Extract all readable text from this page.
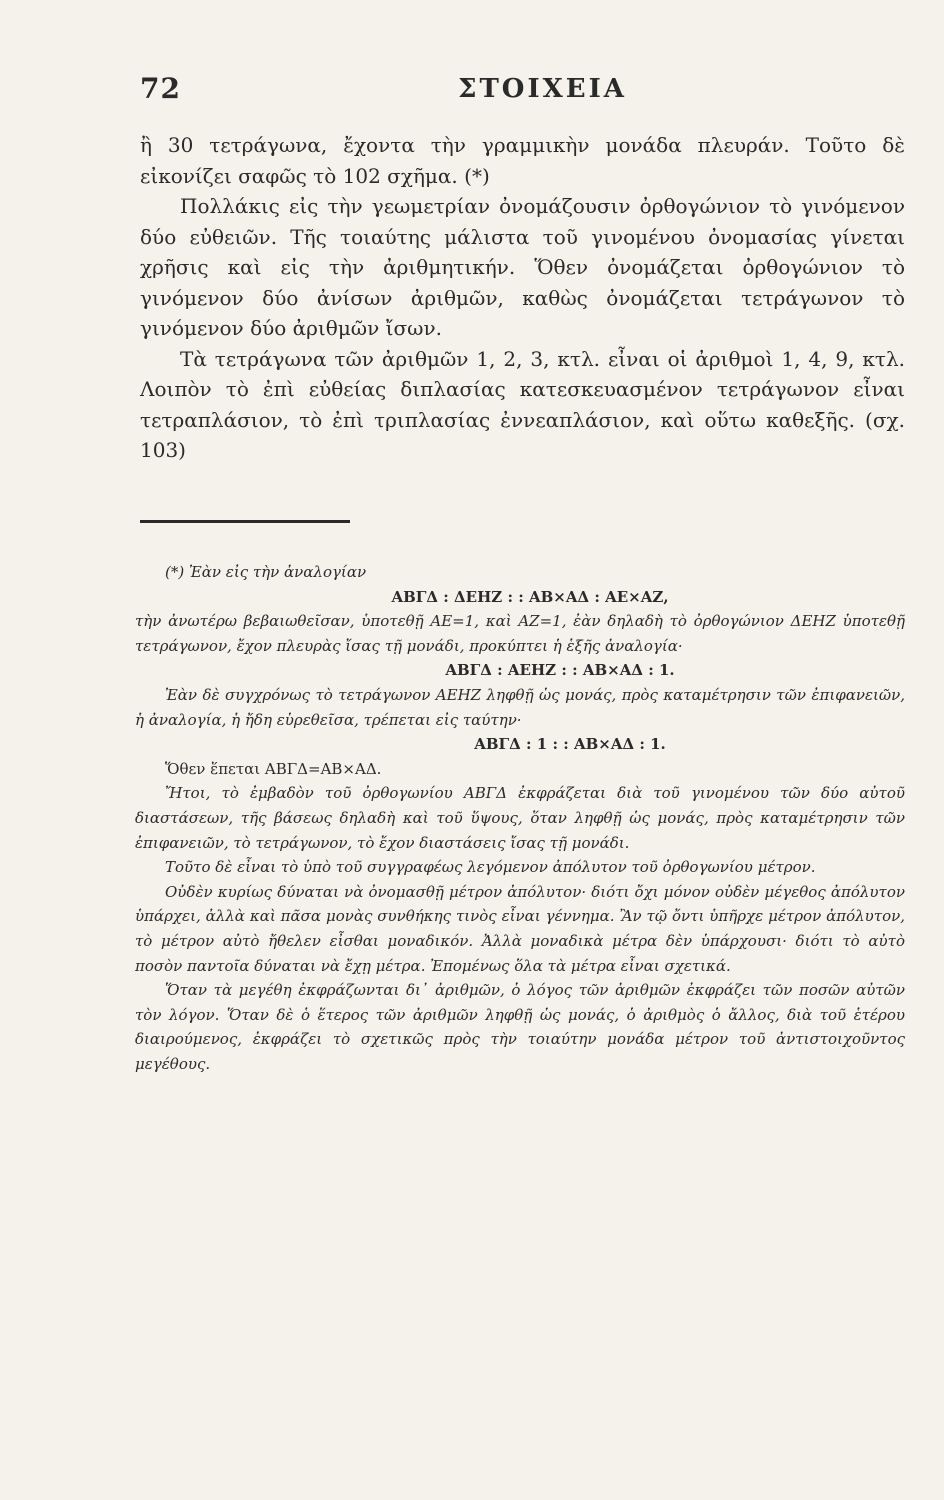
72	ΣΤΟΙΧΕΙΑ

ἢ 30 τετράγωνα, ἔχοντα τὴν γραμμικὴν μονάδα πλευράν. Τοῦτο δὲ εἰκονίζει σαφῶς τὸ 102 σχῆμα. (*)

Πολλάκις εἰς τὴν γεωμετρίαν ὀνομάζουσιν ὀρθογώνιον τὸ γινόμενον δύο εὐθειῶν. Τῆς τοιαύτης μάλιστα τοῦ γινομένου ὀνομασίας γίνεται χρῆσις καὶ εἰς τὴν ἀριθμητικήν. Ὅθεν ὀνομάζεται ὀρθογώνιον τὸ γινόμενον δύο ἀνίσων ἀριθμῶν, καθὼς ὀνομάζεται τετράγωνον τὸ γινόμενον δύο ἀριθμῶν ἴσων.

Τὰ τετράγωνα τῶν ἀριθμῶν 1, 2, 3, κτλ. εἶναι οἱ ἀριθμοὶ 1, 4, 9, κτλ. Λοιπὸν τὸ ἐπὶ εὐθείας διπλασίας κατεσκευασμένον τετράγωνον εἶναι τετραπλάσιον, τὸ ἐπὶ τριπλασίας ἐννεαπλάσιον, καὶ οὕτω καθεξῆς. (σχ. 103)

(*) Ἐὰν εἰς τὴν ἀναλογίαν

ΑΒΓΔ : ΔΕΗΖ : : ΑΒ×ΑΔ : ΑΕ×ΑΖ,

τὴν ἀνωτέρω βεβαιωθεῖσαν, ὑποτεθῇ ΑΕ=1, καὶ ΑΖ=1, ἐὰν δηλαδὴ τὸ ὀρθογώνιον ΔΕΗΖ ὑποτεθῇ τετράγωνον, ἔχον πλευρὰς ἴσας τῇ μονάδι, προκύπτει ἡ ἑξῆς ἀναλογία·

ΑΒΓΔ : ΑΕΗΖ : : ΑΒ×ΑΔ : 1.

Ἐὰν δὲ συγχρόνως τὸ τετράγωνον ΑΕΗΖ ληφθῇ ὡς μονάς, πρὸς καταμέτρησιν τῶν ἐπιφανειῶν, ἡ ἀναλογία, ἡ ἤδη εὑρεθεῖσα, τρέπεται εἰς ταύτην·

ΑΒΓΔ : 1 : : ΑΒ×ΑΔ : 1.

Ὅθεν ἕπεται ΑΒΓΔ=ΑΒ×ΑΔ.

Ἤτοι, τὸ ἐμβαδὸν τοῦ ὀρθογωνίου ΑΒΓΔ ἐκφράζεται διὰ τοῦ γινομένου τῶν δύο αὐτοῦ διαστάσεων, τῆς βάσεως δηλαδὴ καὶ τοῦ ὕψους, ὅταν ληφθῇ ὡς μονάς, πρὸς καταμέτρησιν τῶν ἐπιφανειῶν, τὸ τετράγωνον, τὸ ἔχον διαστάσεις ἴσας τῇ μονάδι.

Τοῦτο δὲ εἶναι τὸ ὑπὸ τοῦ συγγραφέως λεγόμενον ἀπόλυτον τοῦ ὀρθογωνίου μέτρον.

Οὐδὲν κυρίως δύναται νὰ ὀνομασθῇ μέτρον ἀπόλυτον· διότι ὄχι μόνον οὐδὲν μέγεθος ἀπόλυτον ὑπάρχει, ἀλλὰ καὶ πᾶσα μονὰς συνθήκης τινὸς εἶναι γέννημα. Ἂν τῷ ὄντι ὑπῆρχε μέτρον ἀπόλυτον, τὸ μέτρον αὐτὸ ἤθελεν εἶσθαι μοναδικόν. Ἀλλὰ μοναδικὰ μέτρα δὲν ὑπάρχουσι· διότι τὸ αὐτὸ ποσὸν παντοῖα δύναται νὰ ἔχῃ μέτρα. Ἐπομένως ὅλα τὰ μέτρα εἶναι σχετικά.

Ὅταν τὰ μεγέθη ἐκφράζωνται δι᾽ ἀριθμῶν, ὁ λόγος τῶν ἀριθμῶν ἐκφράζει τῶν ποσῶν αὐτῶν τὸν λόγον. Ὅταν δὲ ὁ ἕτερος τῶν ἀριθμῶν ληφθῇ ὡς μονάς, ὁ ἀριθμὸς ὁ ἄλλος, διὰ τοῦ ἑτέρου διαιρούμενος, ἐκφράζει τὸ σχετικῶς πρὸς τὴν τοιαύτην μονάδα μέτρον τοῦ ἀντιστοιχοῦντος μεγέθους.
